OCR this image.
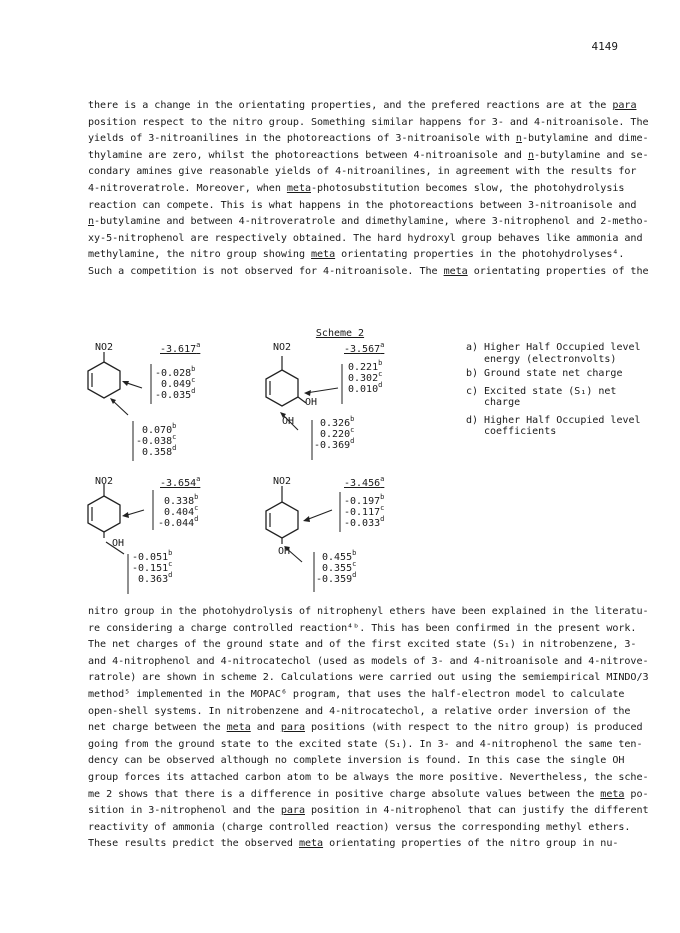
4149
there is a change in the orientating properties, and the prefered reactions are at the para
position respect to the nitro group. Something similar happens for 3- and 4-nitroanisole. The
yields of 3-nitroanilines in the photoreactions of 3-nitroanisole with n-butylamine and dime-
thylamine are zero, whilst the photoreactions between 4-nitroanisole and n-butylamine and se-
condary amines give reasonable yields of 4-nitroanilines, in agreement with the results for
4-nitroveratrole. Moreover, when meta-photosubstitution becomes slow, the photohydrolysis
reaction can compete. This is what happens in the photoreactions between 3-nitroanisole and
n-butylamine and between 4-nitroveratrole and dimethylamine, where 3-nitrophenol and 2-metho-
xy-5-nitrophenol are respectively obtained. The hard hydroxyl group behaves like ammonia and
methylamine, the nitro group showing meta orientating properties in the photohydrolyses⁴.
Such a competition is not observed for 4-nitroanisole. The meta orientating properties of the
Scheme 2
NO2	-3.617$^a$
-0.028$^b$
0.049$^c$
-0.035$^d$
0.070$^b$
-0.038$^c$
0.358$^d$
NO2	-3.567$^a$
0.221$^b$
0.302$^c$
0.010$^d$
OH
OH	0.326$^b$
0.220$^c$
-0.369$^d$
NO2	-3.654$^a$
0.338$^b$
0.404$^c$
-0.044$^d$
OH
-0.051$^b$
-0.151$^c$
0.363$^d$
NO2	-3.456$^a$
-0.197$^b$
-0.117$^c$
-0.033$^d$
OH
0.455$^b$
0.355$^c$
-0.359$^d$
a) Higher Half Occupied level
energy (electronvolts)
b) Ground state net charge
c) Excited state (S₁) net
charge
d) Higher Half Occupied level
coefficients
nitro group in the photohydrolysis of nitrophenyl ethers have been explained in the literatu-
re considering a charge controlled reaction⁴ᵇ. This has been confirmed in the present work.
The net charges of the ground state and of the first excited state (S₁) in nitrobenzene, 3-
and 4-nitrophenol and 4-nitrocatechol (used as models of 3- and 4-nitroanisole and 4-nitrove-
ratrole) are shown in scheme 2. Calculations were carried out using the semiempirical MINDO/3
method⁵ implemented in the MOPAC⁶ program, that uses the half-electron model to calculate
open-shell systems. In nitrobenzene and 4-nitrocatechol, a relative order inversion of the
net charge between the meta and para positions (with respect to the nitro group) is produced
going from the ground state to the excited state (S₁). In 3- and 4-nitrophenol the same ten-
dency can be observed although no complete inversion is found. In this case the single OH
group forces its attached carbon atom to be always the more positive. Nevertheless, the sche-
me 2 shows that there is a difference in positive charge absolute values between the meta po-
sition in 3-nitrophenol and the para position in 4-nitrophenol that can justify the different
reactivity of ammonia (charge controlled reaction) versus the corresponding methyl ethers.
These results predict the observed meta orientating properties of the nitro group in nu-
